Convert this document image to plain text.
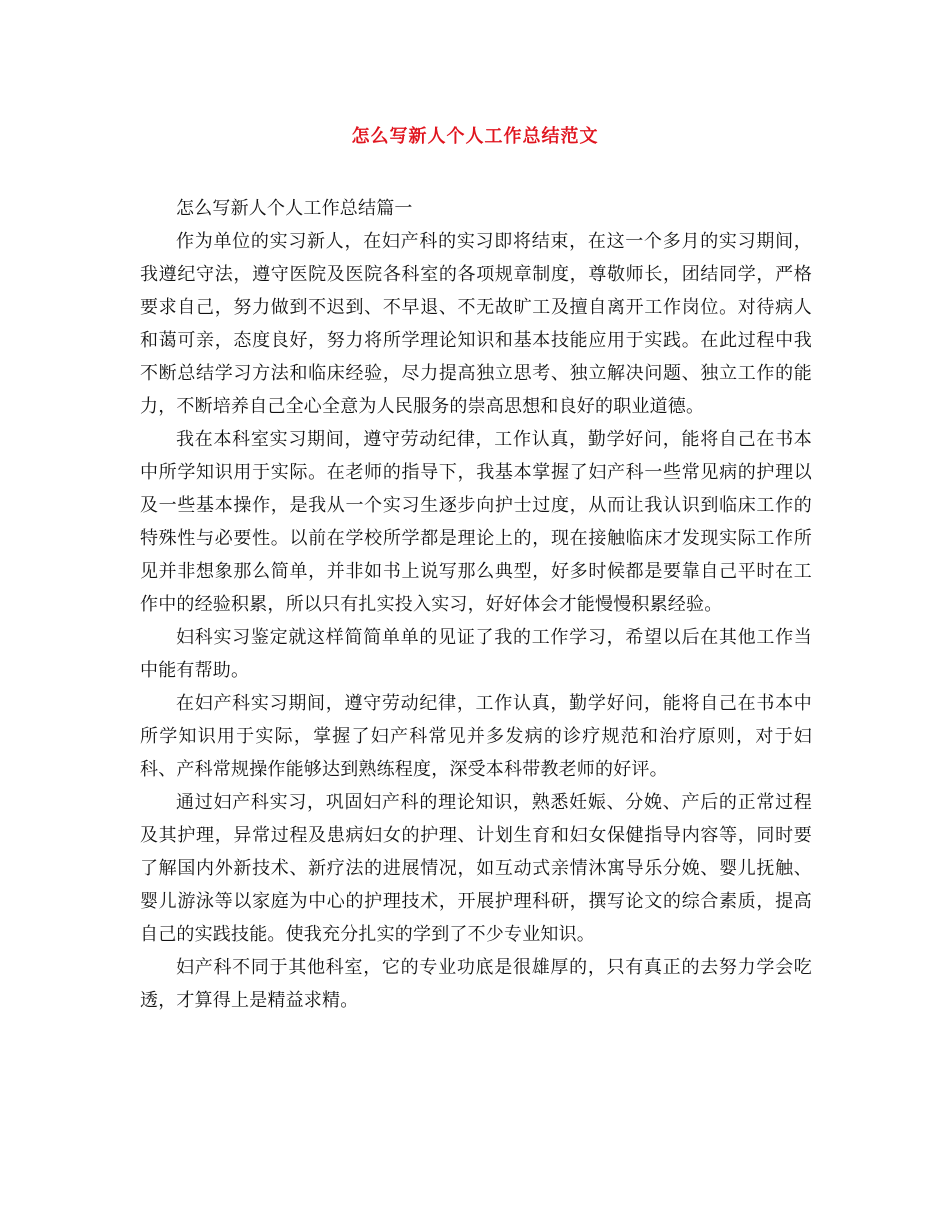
怎么写新人个人工作总结范文

怎么写新人个人工作总结篇一

作为单位的实习新人，在妇产科的实习即将结束，在这一个多月的实习期间，我遵纪守法，遵守医院及医院各科室的各项规章制度，尊敬师长，团结同学，严格要求自己，努力做到不迟到、不早退、不无故旷工及擅自离开工作岗位。对待病人和蔼可亲，态度良好，努力将所学理论知识和基本技能应用于实践。在此过程中我不断总结学习方法和临床经验，尽力提高独立思考、独立解决问题、独立工作的能力，不断培养自己全心全意为人民服务的崇高思想和良好的职业道德。

我在本科室实习期间，遵守劳动纪律，工作认真，勤学好问，能将自己在书本中所学知识用于实际。在老师的指导下，我基本掌握了妇产科一些常见病的护理以及一些基本操作，是我从一个实习生逐步向护士过度，从而让我认识到临床工作的特殊性与必要性。以前在学校所学都是理论上的，现在接触临床才发现实际工作所见并非想象那么简单，并非如书上说写那么典型，好多时候都是要靠自己平时在工作中的经验积累，所以只有扎实投入实习，好好体会才能慢慢积累经验。

妇科实习鉴定就这样简简单单的见证了我的工作学习，希望以后在其他工作当中能有帮助。

在妇产科实习期间，遵守劳动纪律，工作认真，勤学好问，能将自己在书本中所学知识用于实际，掌握了妇产科常见并多发病的诊疗规范和治疗原则，对于妇科、产科常规操作能够达到熟练程度，深受本科带教老师的好评。

通过妇产科实习，巩固妇产科的理论知识，熟悉妊娠、分娩、产后的正常过程及其护理，异常过程及患病妇女的护理、计划生育和妇女保健指导内容等，同时要了解国内外新技术、新疗法的进展情况，如互动式亲情沐寓导乐分娩、婴儿抚触、婴儿游泳等以家庭为中心的护理技术，开展护理科研，撰写论文的综合素质，提高自己的实践技能。使我充分扎实的学到了不少专业知识。

妇产科不同于其他科室，它的专业功底是很雄厚的，只有真正的去努力学会吃透，才算得上是精益求精。
